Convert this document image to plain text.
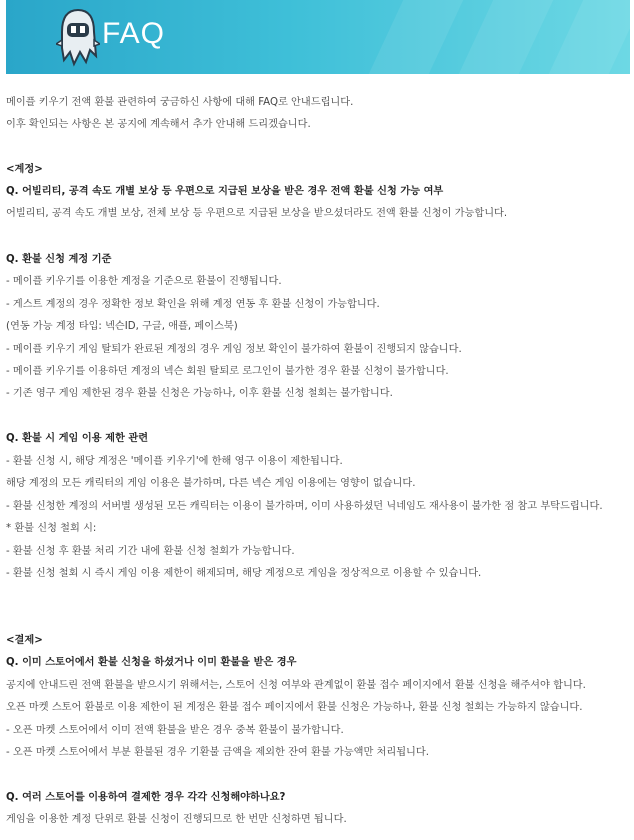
FAQ
메이플 키우기 전액 환불 관련하여 궁금하신 사항에 대해 FAQ로 안내드립니다.
이후 확인되는 사항은 본 공지에 계속해서 추가 안내해 드리겠습니다.
<계정>
Q. 어빌리티, 공격 속도 개별 보상 등 우편으로 지급된 보상을 받은 경우 전액 환불 신청 가능 여부
어빌리티, 공격 속도 개별 보상, 전체 보상 등 우편으로 지급된 보상을 받으셨더라도 전액 환불 신청이 가능합니다.
Q. 환불 신청 계정 기준
- 메이플 키우기를 이용한 계정을 기준으로 환불이 진행됩니다.
- 게스트 계정의 경우 정확한 정보 확인을 위해 계정 연동 후 환불 신청이 가능합니다.
(연동 가능 계정 타입: 넥슨ID, 구글, 애플, 페이스북)
- 메이플 키우기 게임 탈퇴가 완료된 계정의 경우 게임 정보 확인이 불가하여 환불이 진행되지 않습니다.
- 메이플 키우기를 이용하던 계정의 넥슨 회원 탈퇴로 로그인이 불가한 경우 환불 신청이 불가합니다.
- 기존 영구 게임 제한된 경우 환불 신청은 가능하나, 이후 환불 신청 철회는 불가합니다.
Q. 환불 시 게임 이용 제한 관련
- 환불 신청 시, 해당 계정은 '메이플 키우기'에 한해 영구 이용이 제한됩니다.
해당 계정의 모든 캐릭터의 게임 이용은 불가하며, 다른 넥슨 게임 이용에는 영향이 없습니다.
- 환불 신청한 계정의 서버별 생성된 모든 캐릭터는 이용이 불가하며, 이미 사용하셨던 닉네임도 재사용이 불가한 점 참고 부탁드립니다.
* 환불 신청 철회 시:
- 환불 신청 후 환불 처리 기간 내에 환불 신청 철회가 가능합니다.
- 환불 신청 철회 시 즉시 게임 이용 제한이 해제되며, 해당 계정으로 게임을 정상적으로 이용할 수 있습니다.
<결제>
Q. 이미 스토어에서 환불 신청을 하셨거나 이미 환불을 받은 경우
공지에 안내드린 전액 환불을 받으시기 위해서는, 스토어 신청 여부와 관계없이 환불 접수 페이지에서 환불 신청을 해주셔야 합니다.
오픈 마켓 스토어 환불로 이용 제한이 된 계정은 환불 접수 페이지에서 환불 신청은 가능하나, 환불 신청 철회는 가능하지 않습니다.
- 오픈 마켓 스토어에서 이미 전액 환불을 받은 경우 중복 환불이 불가합니다.
- 오픈 마켓 스토어에서 부분 환불된 경우 기환불 금액을 제외한 잔여 환불 가능액만 처리됩니다.
Q. 여러 스토어를 이용하여 결제한 경우 각각 신청해야하나요?
게임을 이용한 계정 단위로 환불 신청이 진행되므로 한 번만 신청하면 됩니다.
